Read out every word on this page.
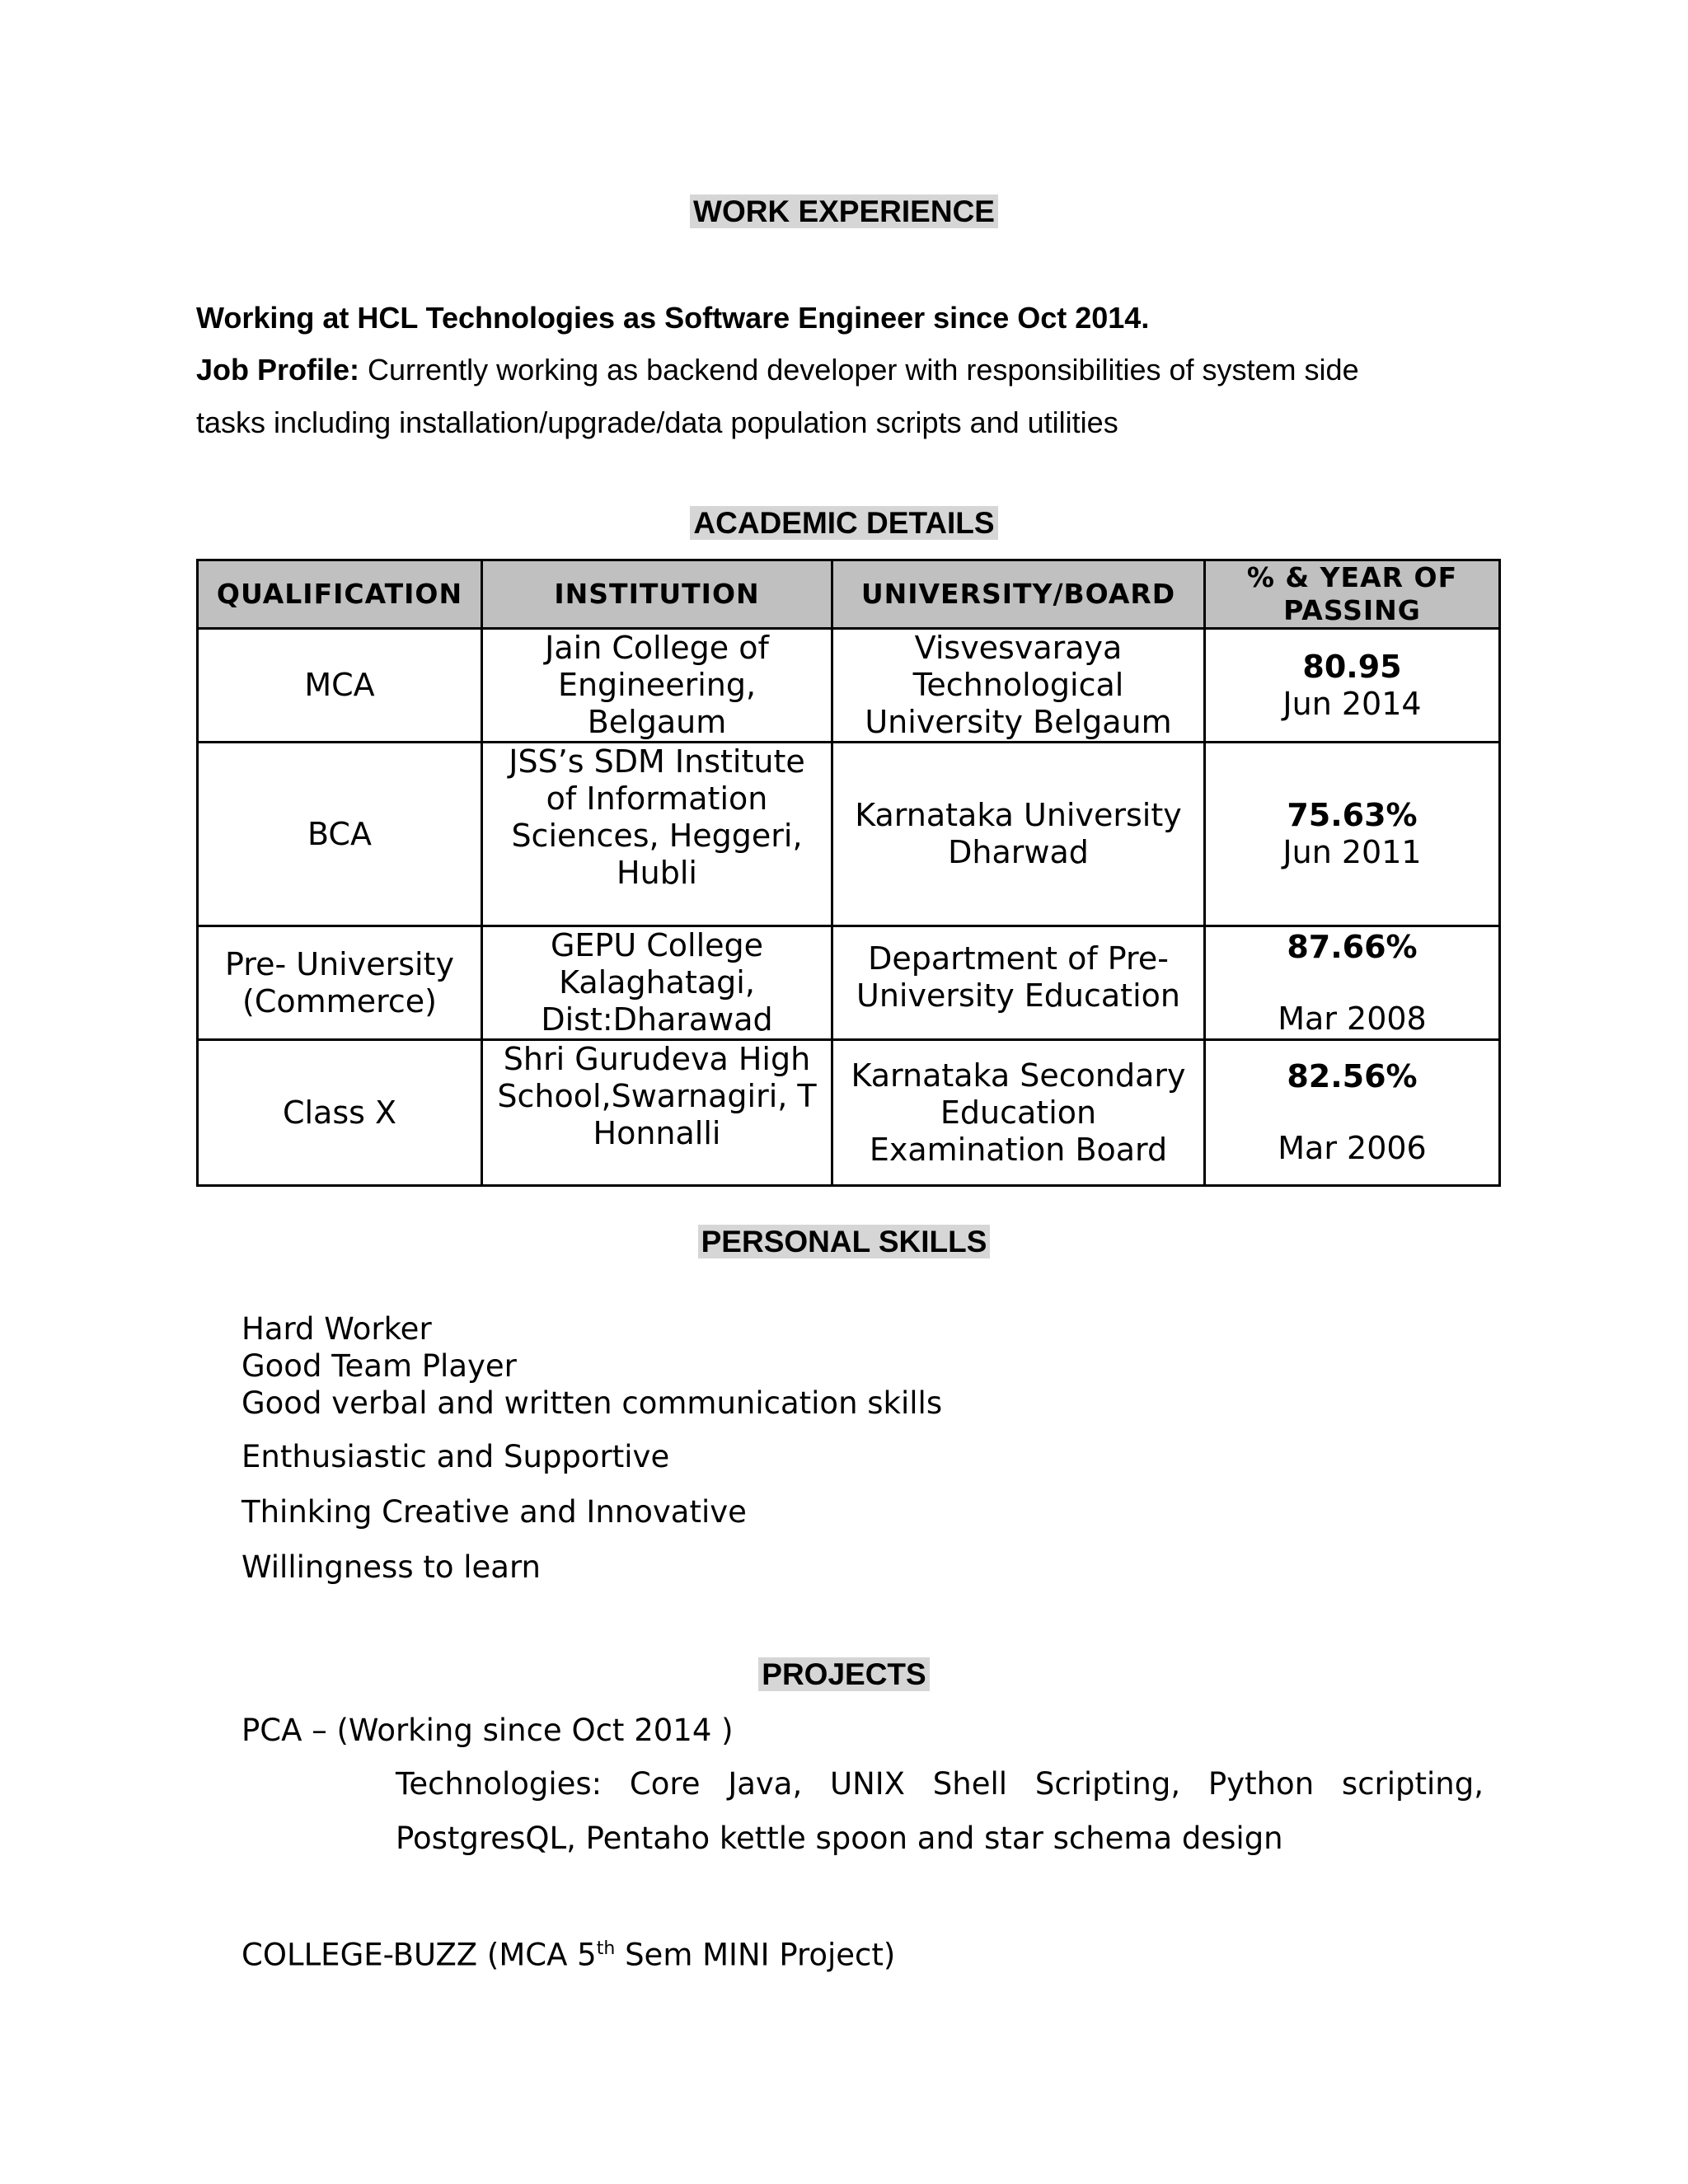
WORK EXPERIENCE
Working at HCL Technologies as Software Engineer since Oct 2014.
Job Profile: Currently working as backend developer with responsibilities of system side
tasks including installation/upgrade/data population scripts and utilities
ACADEMIC DETAILS
QUALIFICATION	INSTITUTION	UNIVERSITY/BOARD	% & YEAR OF PASSING
MCA	Jain College of Engineering, Belgaum	Visvesvaraya Technological University Belgaum	80.95
Jun 2014

BCA	JSS’s SDM Institute of Information Sciences, Heggeri, Hubli	Karnataka University Dharwad	75.63%
Jun 2011

Pre- University (Commerce)	GEPU College Kalaghatagi, Dist:Dharawad	Department of Pre-University Education	87.66%
Mar 2008

Class X	Shri Gurudeva High School,Swarnagiri, T Honnalli	Karnataka Secondary Education Examination Board	82.56%
Mar 2006
PERSONAL SKILLS
Hard Worker
Good Team Player
Good verbal and written communication skills
Enthusiastic and Supportive
Thinking Creative and Innovative
Willingness to learn
PROJECTS
PCA – (Working since Oct 2014 )
Technologies: Core Java, UNIX Shell Scripting, Python scripting, PostgresQL, Pentaho kettle spoon and star schema design
COLLEGE-BUZZ (MCA 5th Sem MINI Project)
